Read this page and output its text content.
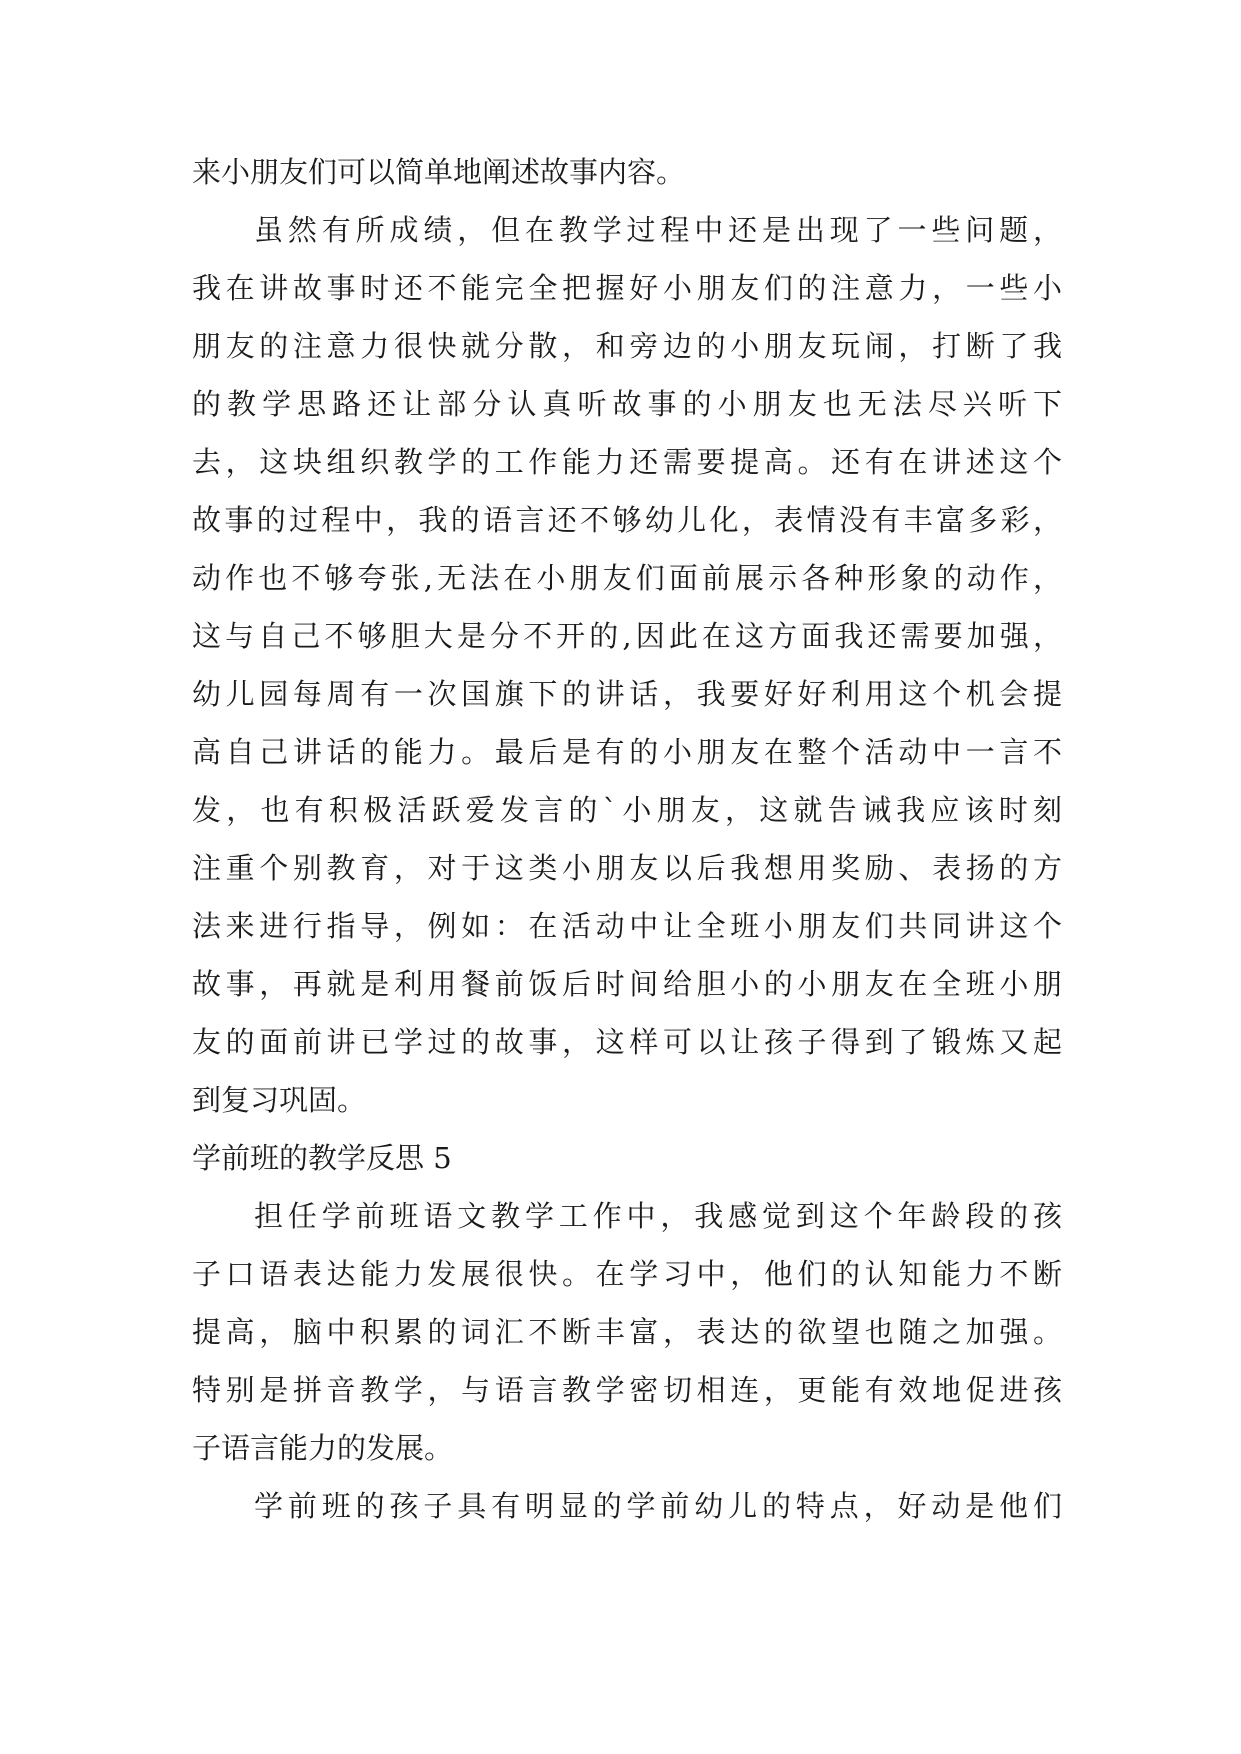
来小朋友们可以简单地阐述故事内容。
虽然有所成绩，但在教学过程中还是出现了一些问题，
我在讲故事时还不能完全把握好小朋友们的注意力，一些小
朋友的注意力很快就分散，和旁边的小朋友玩闹，打断了我
的教学思路还让部分认真听故事的小朋友也无法尽兴听下
去，这块组织教学的工作能力还需要提高。还有在讲述这个
故事的过程中，我的语言还不够幼儿化，表情没有丰富多彩，
动作也不够夸张,无法在小朋友们面前展示各种形象的动作，
这与自己不够胆大是分不开的,因此在这方面我还需要加强，
幼儿园每周有一次国旗下的讲话，我要好好利用这个机会提
高自己讲话的能力。最后是有的小朋友在整个活动中一言不
发，也有积极活跃爱发言的`小朋友，这就告诫我应该时刻
注重个别教育，对于这类小朋友以后我想用奖励、表扬的方
法来进行指导，例如：在活动中让全班小朋友们共同讲这个
故事，再就是利用餐前饭后时间给胆小的小朋友在全班小朋
友的面前讲已学过的故事，这样可以让孩子得到了锻炼又起
到复习巩固。
学前班的教学反思 5
担任学前班语文教学工作中，我感觉到这个年龄段的孩
子口语表达能力发展很快。在学习中，他们的认知能力不断
提高，脑中积累的词汇不断丰富，表达的欲望也随之加强。
特别是拼音教学，与语言教学密切相连，更能有效地促进孩
子语言能力的发展。
学前班的孩子具有明显的学前幼儿的特点，好动是他们
